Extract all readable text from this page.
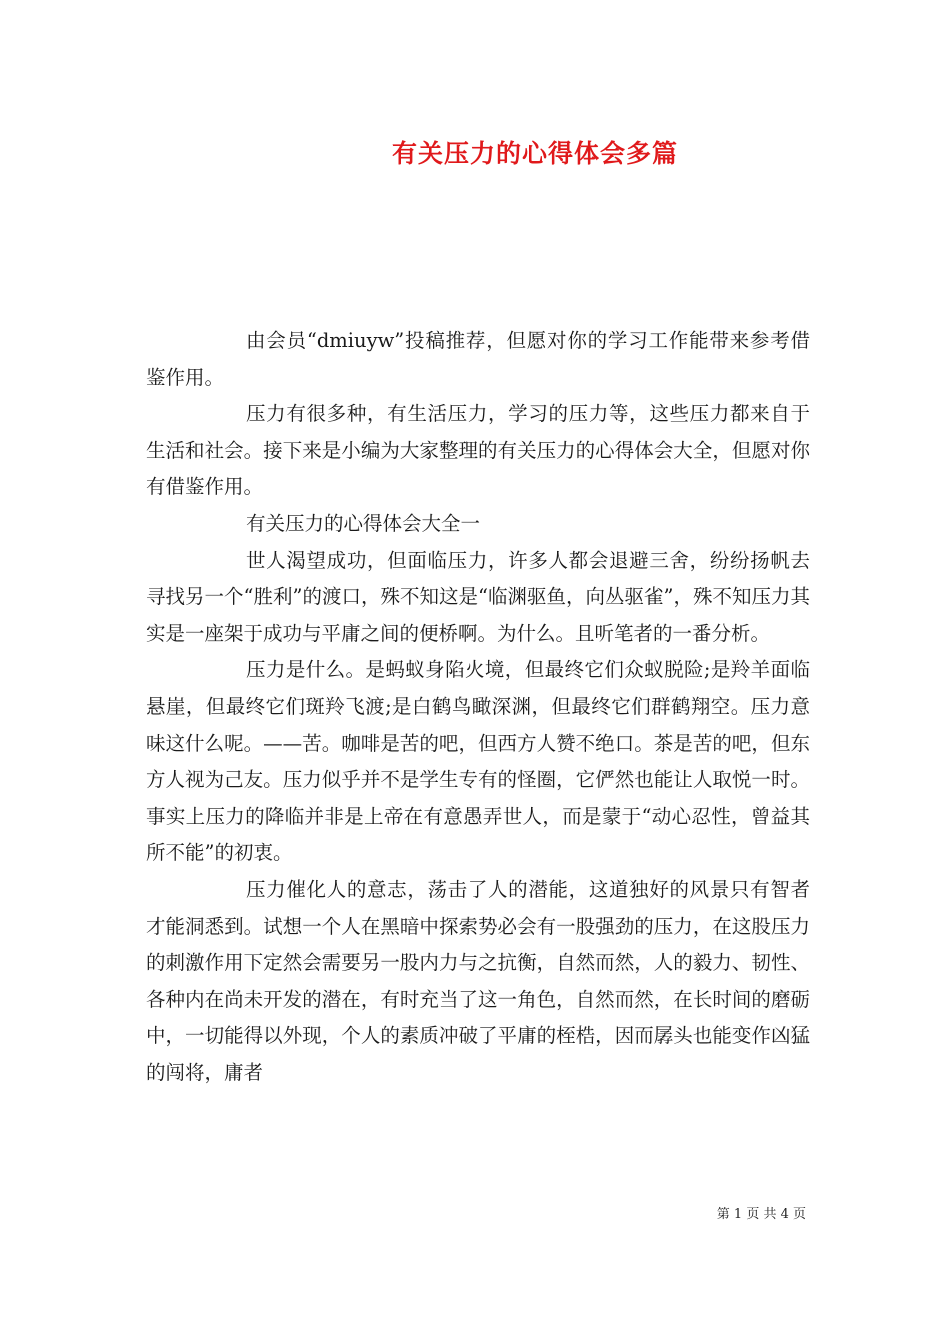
有关压力的心得体会多篇

由会员“dmiuyw”投稿推荐，但愿对你的学习工作能带来参考借鉴作用。

压力有很多种，有生活压力，学习的压力等，这些压力都来自于生活和社会。接下来是小编为大家整理的有关压力的心得体会大全，但愿对你有借鉴作用。

有关压力的心得体会大全一

世人渴望成功，但面临压力，许多人都会退避三舍，纷纷扬帆去寻找另一个“胜利”的渡口，殊不知这是“临渊驱鱼，向丛驱雀”，殊不知压力其实是一座架于成功与平庸之间的便桥啊。为什么。且听笔者的一番分析。

压力是什么。是蚂蚁身陷火境，但最终它们众蚁脱险;是羚羊面临悬崖，但最终它们斑羚飞渡;是白鹤鸟瞰深渊，但最终它们群鹤翔空。压力意味这什么呢。——苦。咖啡是苦的吧，但西方人赞不绝口。茶是苦的吧，但东方人视为己友。压力似乎并不是学生专有的怪圈，它俨然也能让人取悦一时。事实上压力的降临并非是上帝在有意愚弄世人，而是蒙于“动心忍性，曾益其所不能”的初衷。

压力催化人的意志，荡击了人的潜能，这道独好的风景只有智者才能洞悉到。试想一个人在黑暗中探索势必会有一股强劲的压力，在这股压力的刺激作用下定然会需要另一股内力与之抗衡，自然而然，人的毅力、韧性、各种内在尚未开发的潜在，有时充当了这一角色，自然而然，在长时间的磨砺中，一切能得以外现，个人的素质冲破了平庸的桎梏，因而孱头也能变作凶猛的闯将，庸者

第 1 页 共 4 页
